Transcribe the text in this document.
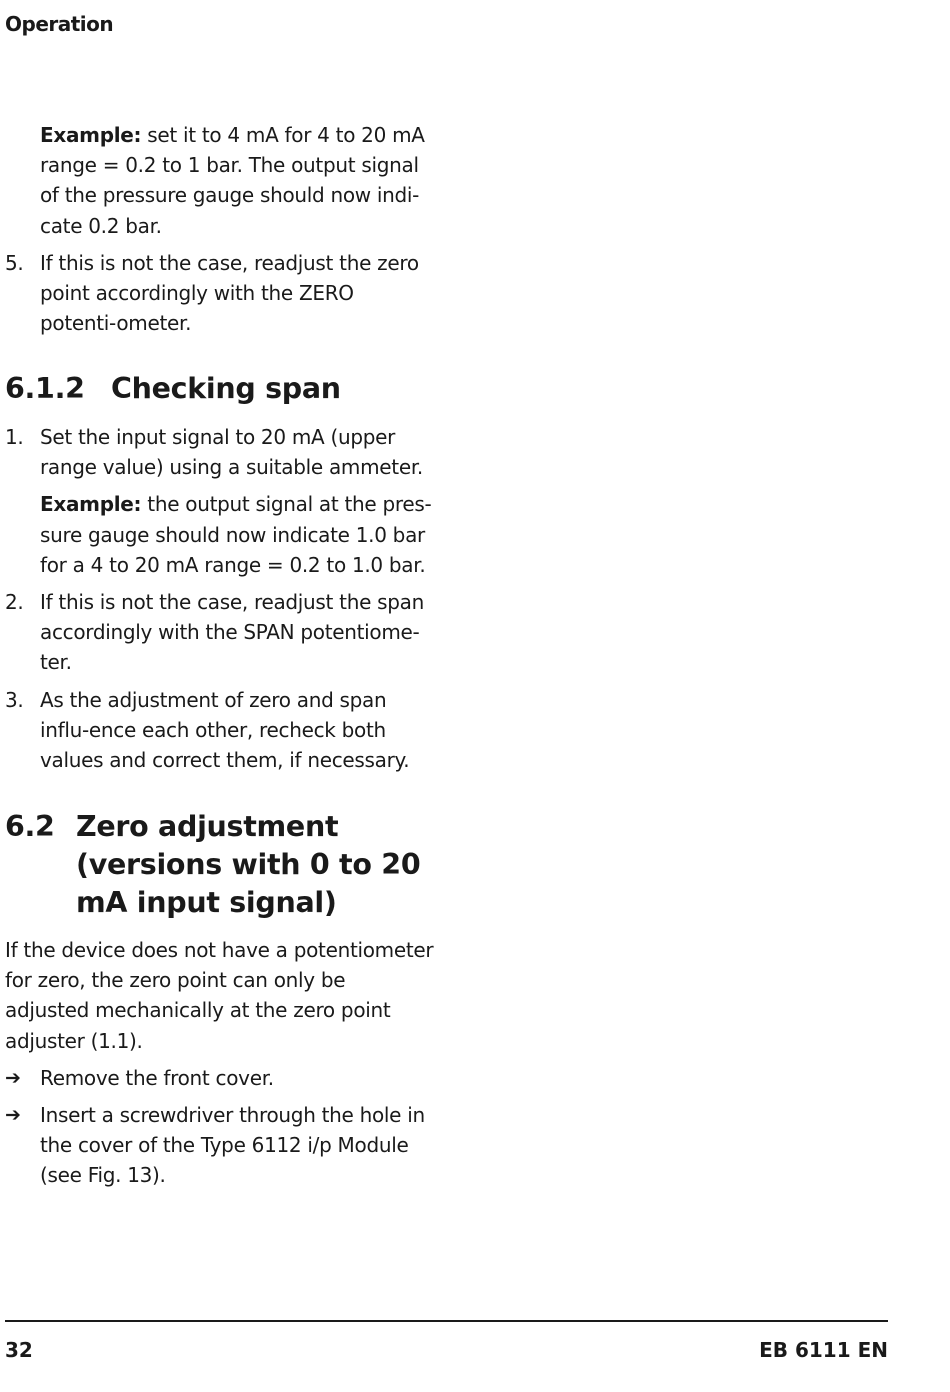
Operation
Example: set it to 4 mA for 4 to 20 mA range = 0.2 to 1 bar. The output signal of the pressure gauge should now indi-cate 0.2 bar.
5. If this is not the case, readjust the zero point accordingly with the ZERO potenti-ometer.
6.1.2 Checking span
1. Set the input signal to 20 mA (upper range value) using a suitable ammeter.
Example: the output signal at the pres-sure gauge should now indicate 1.0 bar for a 4 to 20 mA range = 0.2 to 1.0 bar.
2. If this is not the case, readjust the span accordingly with the SPAN potentiome-ter.
3. As the adjustment of zero and span influ-ence each other, recheck both values and correct them, if necessary.
6.2 Zero adjustment (versions with 0 to 20 mA input signal)
If the device does not have a potentiometer for zero, the zero point can only be adjusted mechanically at the zero point adjuster (1.1).
➔ Remove the front cover.
➔ Insert a screwdriver through the hole in the cover of the Type 6112 i/p Module (see Fig. 13).
32	EB 6111 EN
